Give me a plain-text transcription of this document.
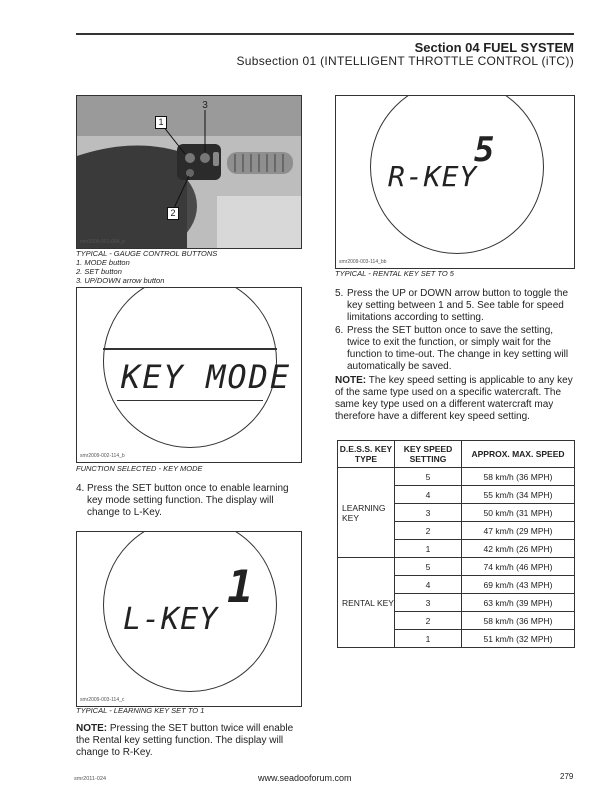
Section 04 FUEL SYSTEM
Subsection 01 (INTELLIGENT THROTTLE CONTROL (iTC))
1
2
3
smr2009-001-004_b
TYPICAL - GAUGE CONTROL BUTTONS
1. MODE button
2. SET button
3. UP/DOWN arrow button
KEY MODE
smr2009-002-114_b
FUNCTION SELECTED - KEY MODE
4. Press the SET button once to enable learning key mode setting function. The display will change to L-Key.
L-KEY
1
smr2009-003-114_c
TYPICAL - LEARNING KEY SET TO 1
NOTE: Pressing the SET button twice will enable the Rental key setting function. The display will change to R-Key.
R-KEY
5
smr2009-003-114_bb
TYPICAL - RENTAL KEY SET TO 5
5. Press the UP or DOWN arrow button to toggle the key setting between 1 and 5. See table for speed limitations according to setting.
6. Press the SET button once to save the setting, twice to exit the function, or simply wait for the function to time-out. The change in key setting will automatically be saved.
NOTE: The key speed setting is applicable to any key of the same type used on a specific watercraft. The same key type used on a different watercraft may therefore have a different key speed setting.
D.E.S.S. KEY TYPE	KEY SPEED SETTING	APPROX. MAX. SPEED
LEARNING KEY	5	58 km/h (36 MPH)
	4	55 km/h (34 MPH)
	3	50 km/h (31 MPH)
	2	47 km/h (29 MPH)
	1	42 km/h (26 MPH)
RENTAL KEY	5	74 km/h (46 MPH)
	4	69 km/h (43 MPH)
	3	63 km/h (39 MPH)
	2	58 km/h (36 MPH)
	1	51 km/h (32 MPH)
smr2011-024	www.seadooforum.com	279
